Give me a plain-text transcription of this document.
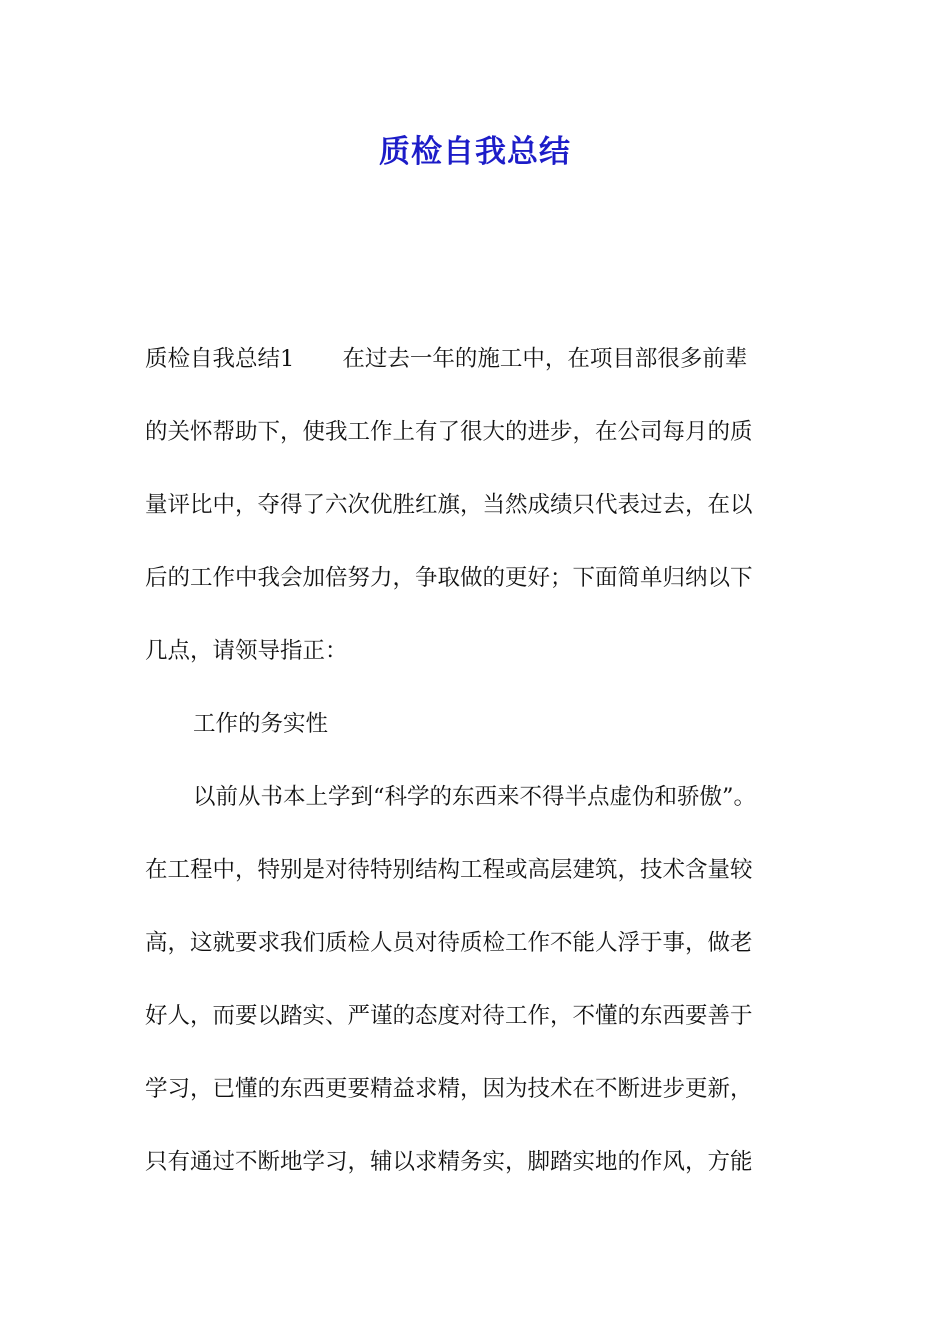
质检自我总结
质检自我总结1 在过去一年的施工中，在项目部很多前辈
的关怀帮助下，使我工作上有了很大的进步，在公司每月的质
量评比中，夺得了六次优胜红旗，当然成绩只代表过去，在以
后的工作中我会加倍努力，争取做的更好；下面简单归纳以下
几点，请领导指正：
工作的务实性
以前从书本上学到“科学的东西来不得半点虚伪和骄傲”。
在工程中，特别是对待特别结构工程或高层建筑，技术含量较
高，这就要求我们质检人员对待质检工作不能人浮于事，做老
好人，而要以踏实、严谨的态度对待工作，不懂的东西要善于
学习，已懂的东西更要精益求精，因为技术在不断进步更新，
只有通过不断地学习，辅以求精务实，脚踏实地的作风，方能
